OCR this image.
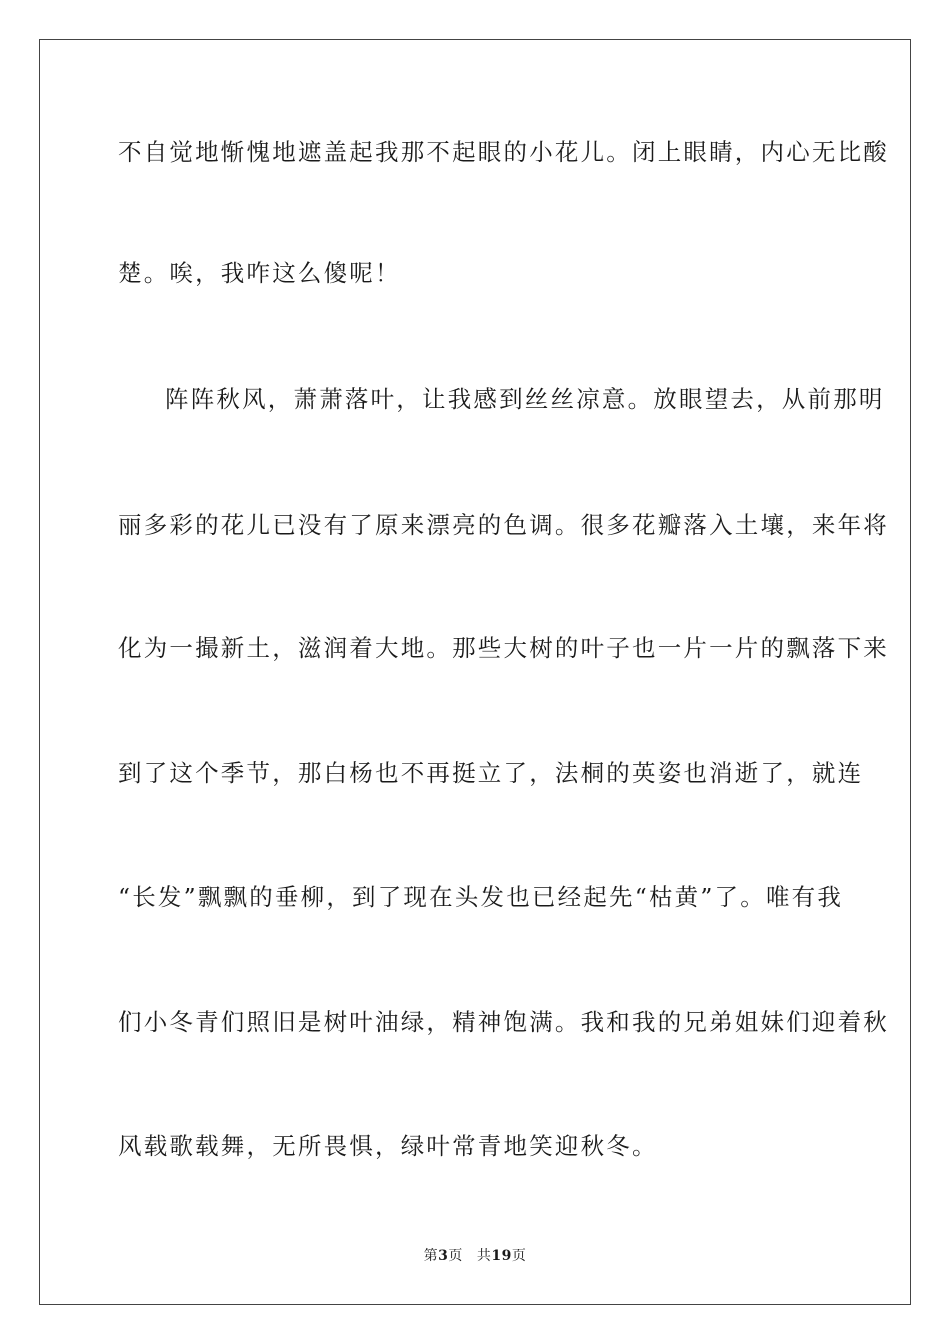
不自觉地惭愧地遮盖起我那不起眼的小花儿。闭上眼睛，内心无比酸
楚。唉，我咋这么傻呢！
阵阵秋风，萧萧落叶，让我感到丝丝凉意。放眼望去，从前那明
丽多彩的花儿已没有了原来漂亮的色调。很多花瓣落入土壤，来年将
化为一撮新土，滋润着大地。那些大树的叶子也一片一片的飘落下来
到了这个季节，那白杨也不再挺立了，法桐的英姿也消逝了，就连
“长发”飘飘的垂柳，到了现在头发也已经起先“枯黄”了。唯有我
们小冬青们照旧是树叶油绿，精神饱满。我和我的兄弟姐妹们迎着秋
风载歌载舞，无所畏惧，绿叶常青地笑迎秋冬。
第3页 共19页
